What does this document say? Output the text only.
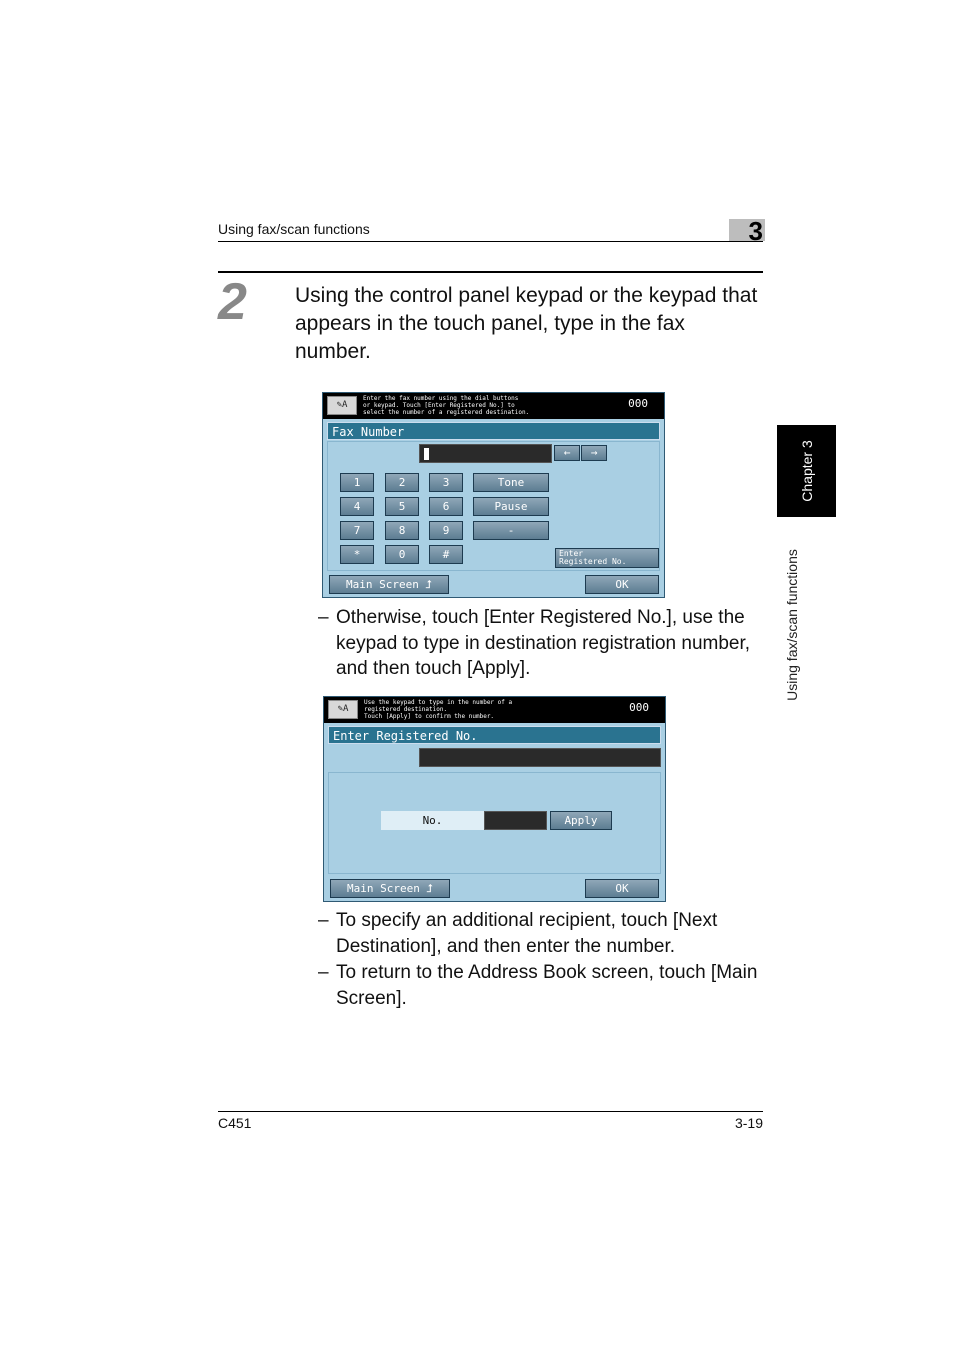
Using fax/scan functions	3
Chapter 3
Using fax/scan functions
2 Using the control panel keypad or the keypad that appears in the touch panel, type in the fax number.
✎A
Enter the fax number using the dial buttons
or keypad. Touch [Enter Registered No.] to
select the number of a registered destination.
000
Fax Number
←	→
1	2	3
4	5	6
7	8	9
*	0	#
Tone
Pause
-
Enter
Registered No.
Main Screen ⮥	OK
– Otherwise, touch [Enter Registered No.], use the keypad to type in destination registration number, and then touch [Apply].
✎A
Use the keypad to type in the number of a
registered destination.
Touch [Apply] to confirm the number.
000
Enter Registered No.
No.	Apply
Main Screen ⮥	OK
– To specify an additional recipient, touch [Next Destination], and then enter the number.
– To return to the Address Book screen, touch [Main Screen].
C451	3-19
